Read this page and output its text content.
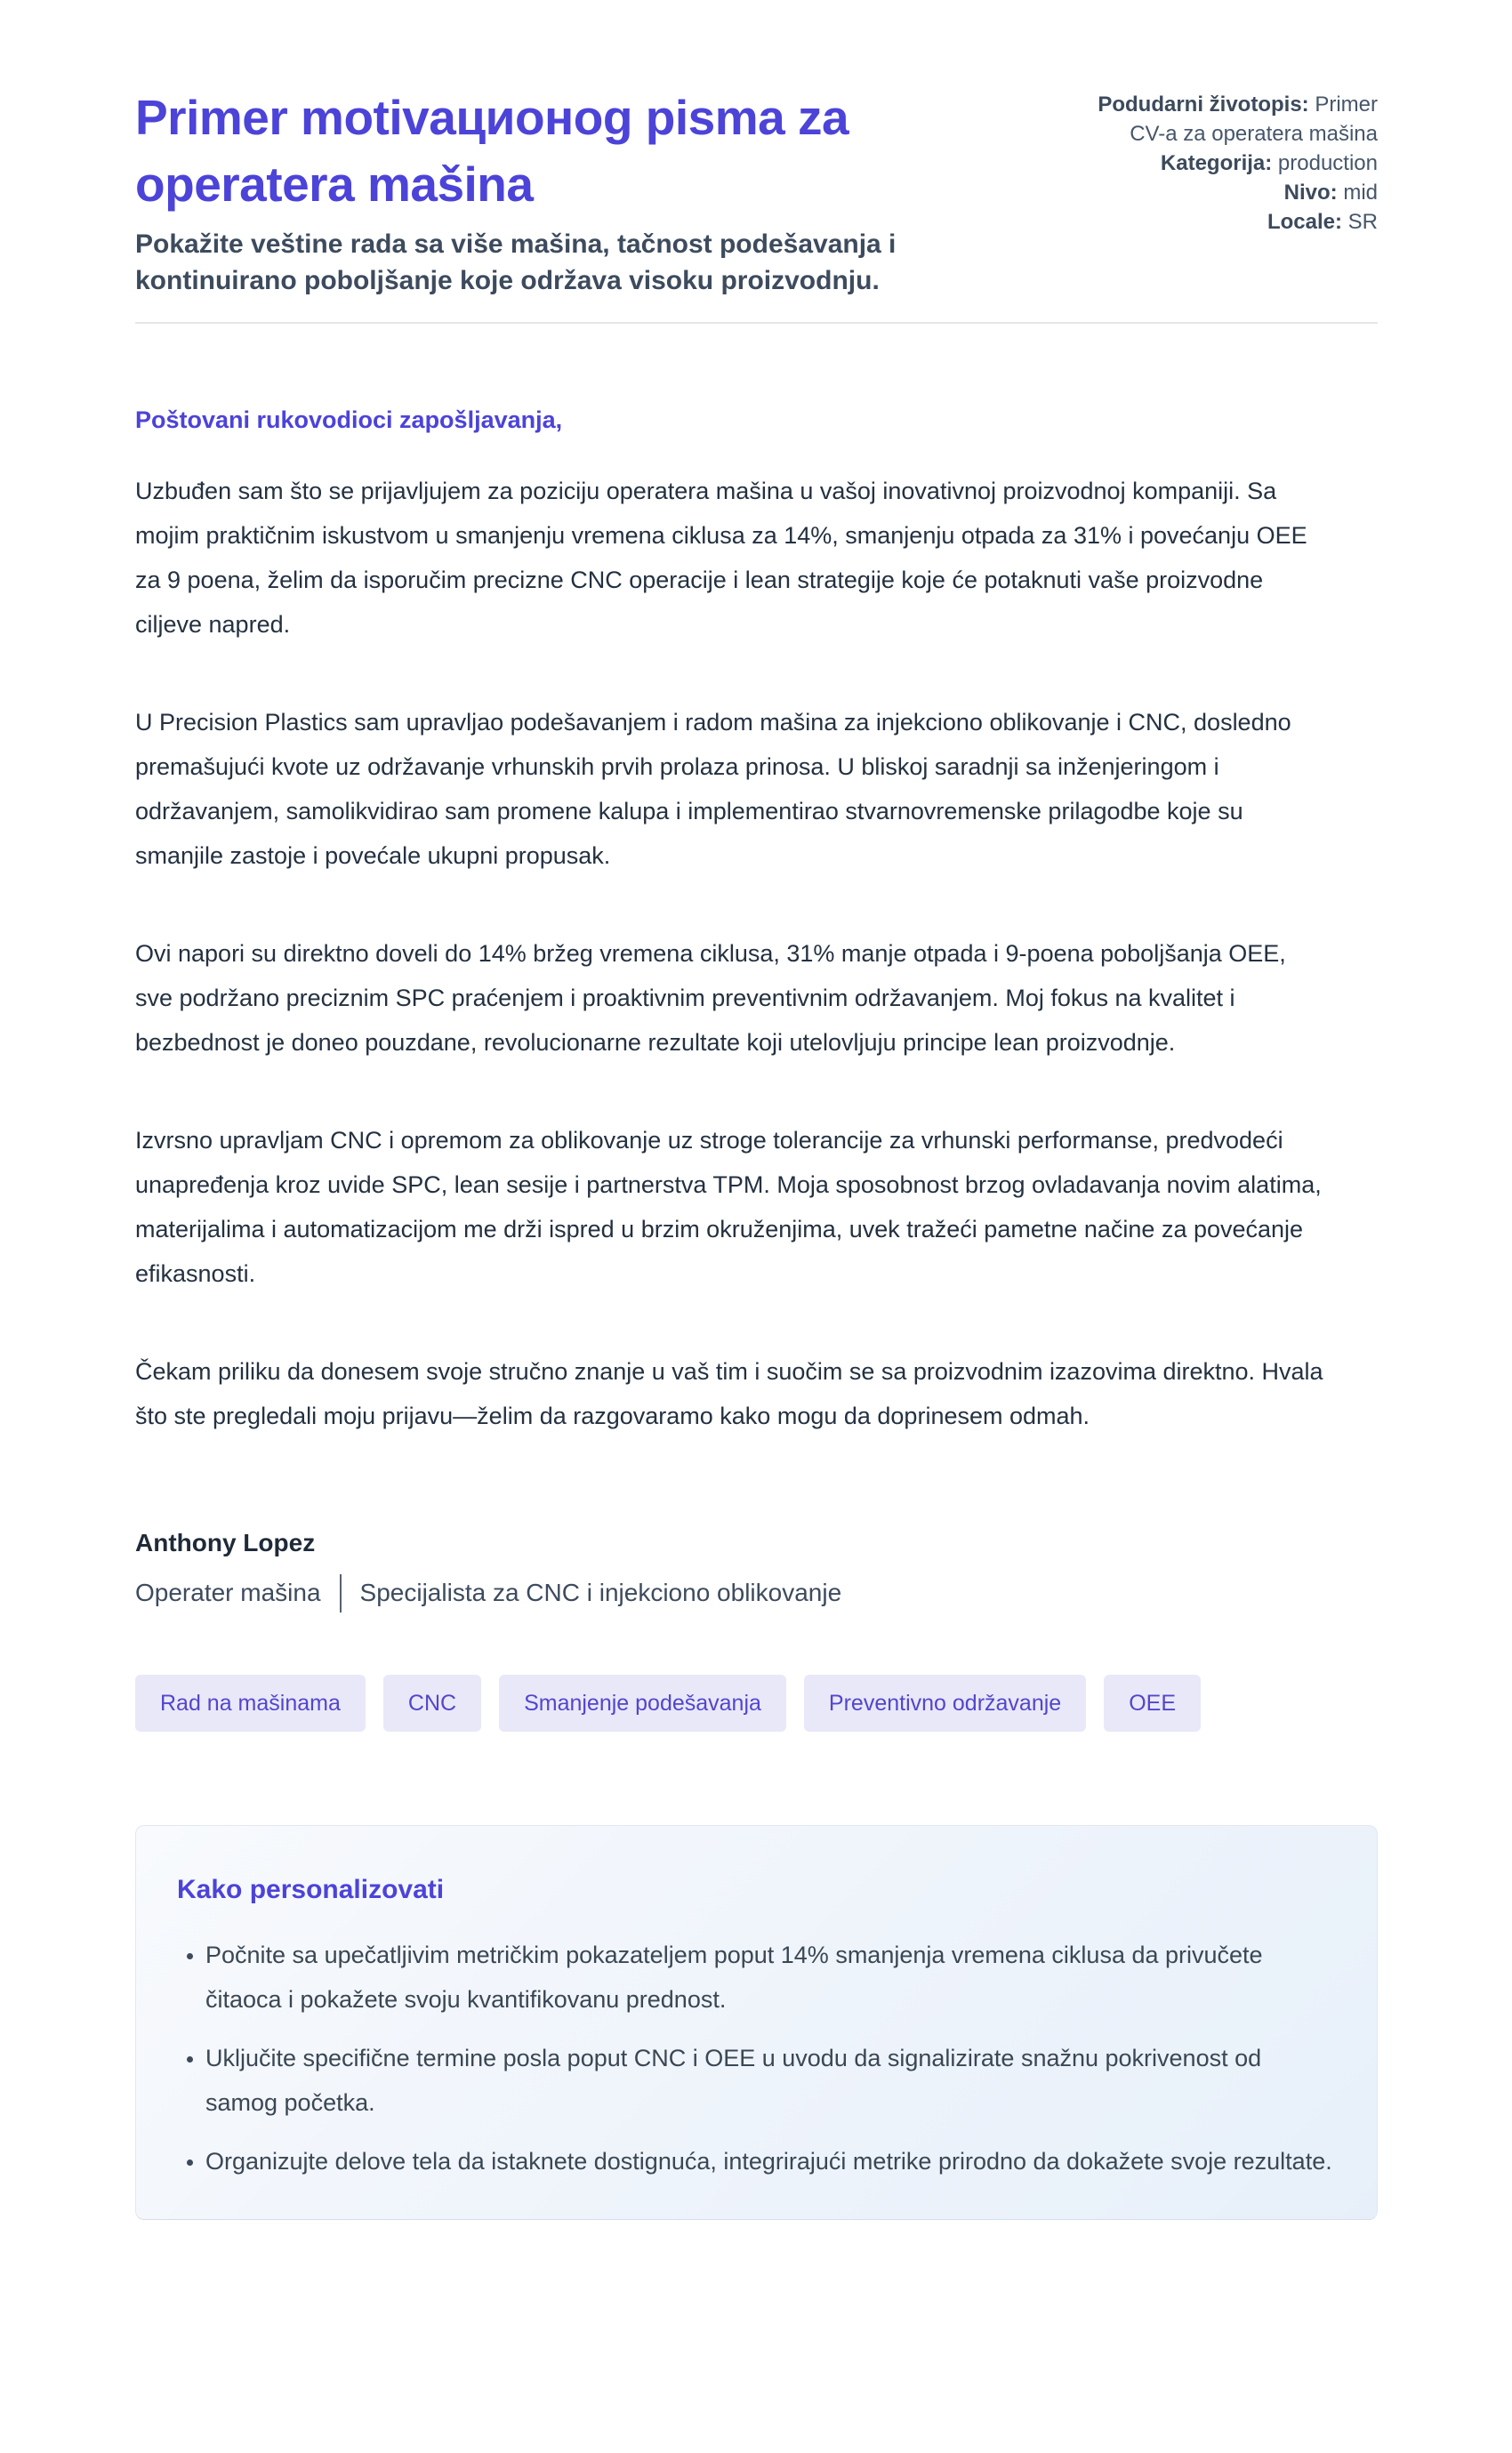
Primer motivационоg pisma za operatera mašina

Pokažite veštine rada sa više mašina, tačnost podešavanja i kontinuirano poboljšanje koje održava visoku proizvodnju.

Podudarni životopis: Primer CV-a za operatera mašina

Kategorija: production

Nivo: mid

Locale: SR

Poštovani rukovodioci zapošljavanja,

Uzbuđen sam što se prijavljujem za poziciju operatera mašina u vašoj inovativnoj proizvodnoj kompaniji. Sa mojim praktičnim iskustvom u smanjenju vremena ciklusa za 14%, smanjenju otpada za 31% i povećanju OEE za 9 poena, želim da isporučim precizne CNC operacije i lean strategije koje će potaknuti vaše proizvodne ciljeve napred.

U Precision Plastics sam upravljao podešavanjem i radom mašina za injekciono oblikovanje i CNC, dosledno premašujući kvote uz održavanje vrhunskih prvih prolaza prinosa. U bliskoj saradnji sa inženjeringom i održavanjem, samolikvidirao sam promene kalupa i implementirao stvarnovremenske prilagodbe koje su smanjile zastoje i povećale ukupni propusak.

Ovi napori su direktno doveli do 14% bržeg vremena ciklusa, 31% manje otpada i 9-poena poboljšanja OEE, sve podržano preciznim SPC praćenjem i proaktivnim preventivnim održavanjem. Moj fokus na kvalitet i bezbednost je doneo pouzdane, revolucionarne rezultate koji utelovljuju principe lean proizvodnje.

Izvrsno upravljam CNC i opremom za oblikovanje uz stroge tolerancije za vrhunski performanse, predvodeći unapređenja kroz uvide SPC, lean sesije i partnerstva TPM. Moja sposobnost brzog ovladavanja novim alatima, materijalima i automatizacijom me drži ispred u brzim okruženjima, uvek tražeći pametne načine za povećanje efikasnosti.

Čekam priliku da donesem svoje stručno znanje u vaš tim i suočim se sa proizvodnim izazovima direktno. Hvala što ste pregledali moju prijavu—želim da razgovaramo kako mogu da doprinesem odmah.

Anthony Lopez

Operater mašina Specijalista za CNC i injekciono oblikovanje
Rad na mašinama	CNC	Smanjenje podešavanja	Preventivno održavanje	OEE
Kako personalizovati
• Počnite sa upečatljivim metričkim pokazateljem poput 14% smanjenja vremena ciklusa da privučete čitaoca i pokažete svoju kvantifikovanu prednost.
• Uključite specifične termine posla poput CNC i OEE u uvodu da signalizirate snažnu pokrivenost od samog početka.
• Organizujte delove tela da istaknete dostignuća, integrirajući metrike prirodno da dokažete svoje rezultate.
